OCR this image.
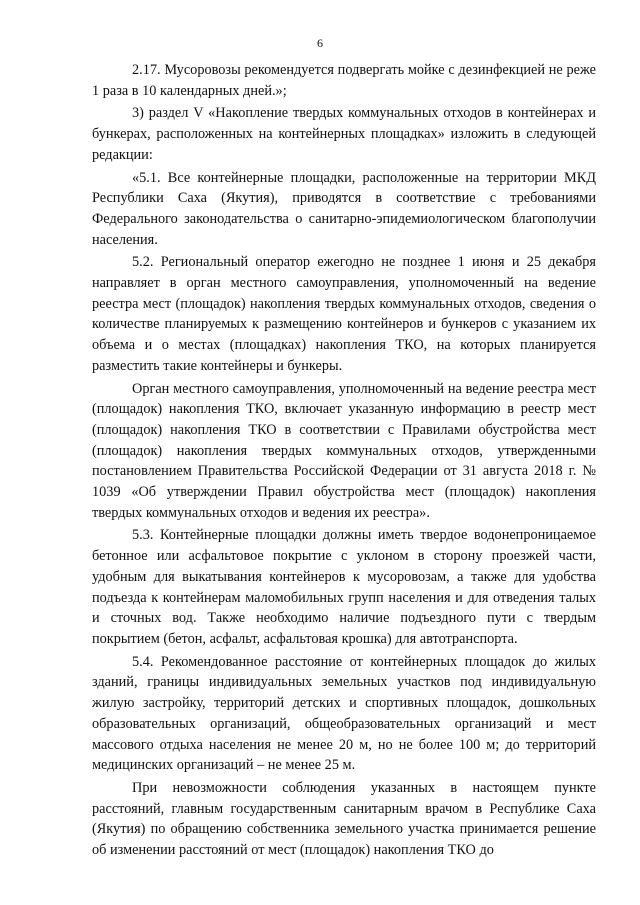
6

2.17. Мусоровозы рекомендуется подвергать мойке с дезинфекцией не реже 1 раза в 10 календарных дней.»;

3) раздел V «Накопление твердых коммунальных отходов в контейнерах и бункерах, расположенных на контейнерных площадках» изложить в следующей редакции:

«5.1. Все контейнерные площадки, расположенные на территории МКД Республики Саха (Якутия), приводятся в соответствие с требованиями Федерального законодательства о санитарно-эпидемиологическом благополучии населения.

5.2. Региональный оператор ежегодно не позднее 1 июня и 25 декабря направляет в орган местного самоуправления, уполномоченный на ведение реестра мест (площадок) накопления твердых коммунальных отходов, сведения о количестве планируемых к размещению контейнеров и бункеров с указанием их объема и о местах (площадках) накопления ТКО, на которых планируется разместить такие контейнеры и бункеры.

Орган местного самоуправления, уполномоченный на ведение реестра мест (площадок) накопления ТКО, включает указанную информацию в реестр мест (площадок) накопления ТКО в соответствии с Правилами обустройства мест (площадок) накопления твердых коммунальных отходов, утвержденными постановлением Правительства Российской Федерации от 31 августа 2018 г. № 1039 «Об утверждении Правил обустройства мест (площадок) накопления твердых коммунальных отходов и ведения их реестра».

5.3. Контейнерные площадки должны иметь твердое водонепроницаемое бетонное или асфальтовое покрытие с уклоном в сторону проезжей части, удобным для выкатывания контейнеров к мусоровозам, а также для удобства подъезда к контейнерам маломобильных групп населения и для отведения талых и сточных вод. Также необходимо наличие подъездного пути с твердым покрытием (бетон, асфальт, асфальтовая крошка) для автотранспорта.

5.4. Рекомендованное расстояние от контейнерных площадок до жилых зданий, границы индивидуальных земельных участков под индивидуальную жилую застройку, территорий детских и спортивных площадок, дошкольных образовательных организаций, общеобразовательных организаций и мест массового отдыха населения не менее 20 м, но не более 100 м; до территорий медицинских организаций – не менее 25 м.

При невозможности соблюдения указанных в настоящем пункте расстояний, главным государственным санитарным врачом в Республике Саха (Якутия) по обращению собственника земельного участка принимается решение об изменении расстояний от мест (площадок) накопления ТКО до
